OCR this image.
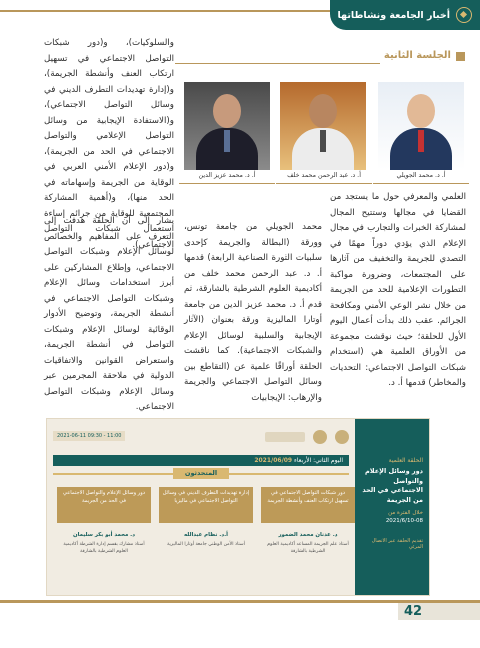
أخبار الجامعة ونشاطاتها
والسلوكيات)، و(دور شبكات التواصل الاجتماعي في تسهيل ارتكاب العنف وأنشطة الجريمة)، و(إدارة تهديدات التطرف الديني في وسائل التواصل الاجتماعي)، و(الاستفادة الإيجابية من وسائل التواصل الإعلامي والتواصل الاجتماعي في الحد من الجريمة)، و(دور الإعلام الأمني العربي في الوقاية من الجريمة وإسهاماته في الحد منها)، و(أهمية المشاركة المجتمعية للوقاية من جرائم إساءة استعمال شبكات التواصل الاجتماعي).
الجلسة الثانية
أ. د. محمد الجويلي
أ. د. عبد الرحمن محمد خلف
أ. د. محمد عزيز الدين
يشار إلى أن الحلقة هدفت إلى التعرف على المفاهيم والخصائص لوسائل الإعلام وشبكات التواصل الاجتماعي، وإطلاع المشاركين على أبرز استخدامات وسائل الإعلام وشبكات التواصل الاجتماعي في أنشطة الجريمة، وتوضيح الأدوار الوقائية لوسائل الإعلام وشبكات التواصل في أنشطة الجريمة، واستعراض القوانين والاتفاقيات الدولية في ملاحقة المجرمين عبر وسائل الإعلام وشبكات التواصل الاجتماعي.
محمد الجويلي من جامعة تونس، وورقة (البطالة والجريمة كإحدى سلبيات الثورة الصناعية الرابعة) قدمها أ. د. عبد الرحمن محمد خلف من أكاديمية العلوم الشرطية بالشارقة، ثم قدم أ. د. محمد عزيز الدين من جامعة أوتارا الماليزية ورقة بعنوان (الآثار الإيجابية والسلبية لوسائل الإعلام والشبكات الاجتماعية). كما ناقشت الحلقة أوراقًا علمية عن (التقاطع بين وسائل التواصل الاجتماعي والجريمة والإرهاب: الإيجابيات
العلمي والمعرفي حول ما يستجد من القضايا في مجالها وستتيح المجال لمشاركة الخبرات والتجارب في مجال الإعلام الذي يؤدي دوراً مهمًا في التصدي للجريمة والتخفيف من آثارها على المجتمعات، وضرورة مواكبة التطورات الإعلامية للحد من الجريمة من خلال نشر الوعي الأمني ومكافحة الجرائم. عقب ذلك بدأت أعمال اليوم الأول للحلقة؛ حيث نوقشت مجموعة من الأوراق العلمية هي (استخدام شبكات التواصل الاجتماعي: التحديات والمخاطر) قدمها أ. د.
الحلقة العلمية
دور وسائل الإعلام والتواصل الاجتماعي في الحد من الجريمة
خلال الفترة من
2021/6/10-08
تقديم الحلقة عبر الاتصال المرئي
2021-06-11 09:30 - 11:00
اليوم الثاني: الأربعاء 2021/06/09
المتحدثون
دور شبكات التواصل الاجتماعي في تسهيل ارتكاب العنف وأنشطة الجريمة
إدارة تهديدات التطرف الديني في وسائل التواصل الاجتماعي في ماليزيا
دور وسائل الإعلام والتواصل الاجتماعي في الحد من الجريمة
د. عدنان محمد الضمور
أ.د. نظام عبدالله
د. محمد أبو بكر سليمان
أستاذ علم الجريمة المساعد أكاديمية العلوم الشرطية بالشارقة
أستاذ الأمن الوطني جامعة أوتارا الماليزية
أستاذ مشارك بقسم إدارة الشرطة أكاديمية العلوم الشرطية بالشارقة
42
